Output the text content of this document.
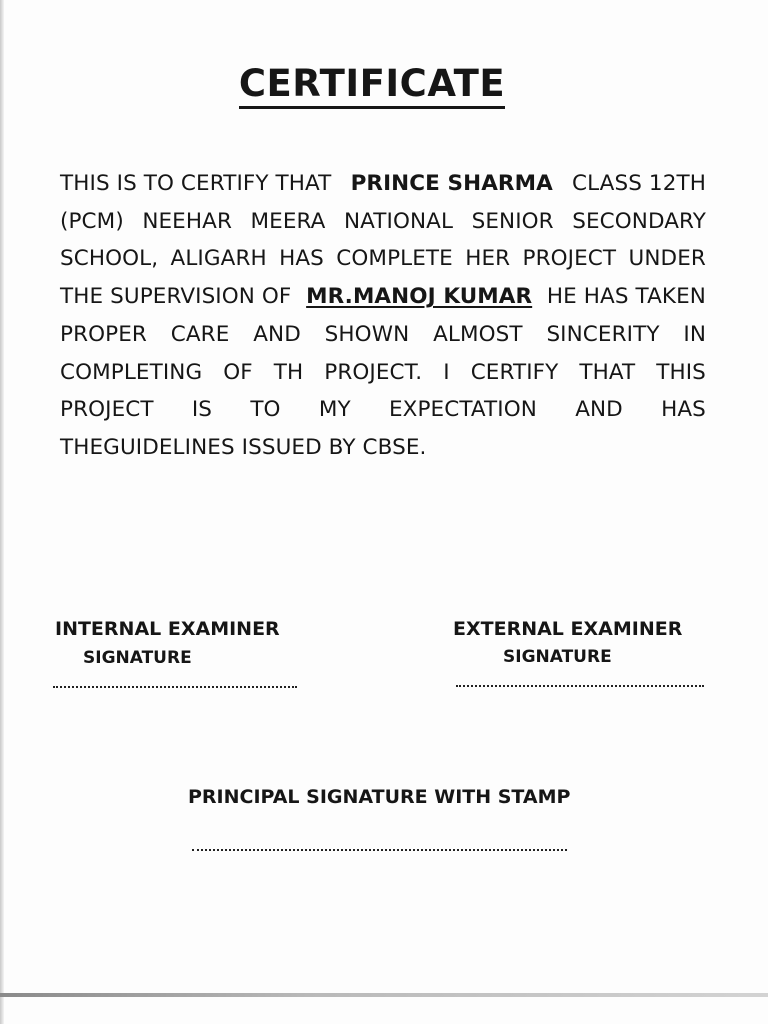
CERTIFICATE
THIS IS TO CERTIFY THAT PRINCE SHARMA CLASS 12TH
(PCM) NEEHAR MEERA NATIONAL SENIOR SECONDARY
SCHOOL, ALIGARH HAS COMPLETE HER PROJECT UNDER
THE SUPERVISION OF MR.MANOJ KUMAR HE HAS TAKEN
PROPER CARE AND SHOWN ALMOST SINCERITY IN
COMPLETING OF TH PROJECT. I CERTIFY THAT THIS
PROJECT IS TO MY EXPECTATION AND HAS
THEGUIDELINES ISSUED BY CBSE.
INTERNAL EXAMINER
SIGNATURE
EXTERNAL EXAMINER
SIGNATURE
PRINCIPAL SIGNATURE WITH STAMP
